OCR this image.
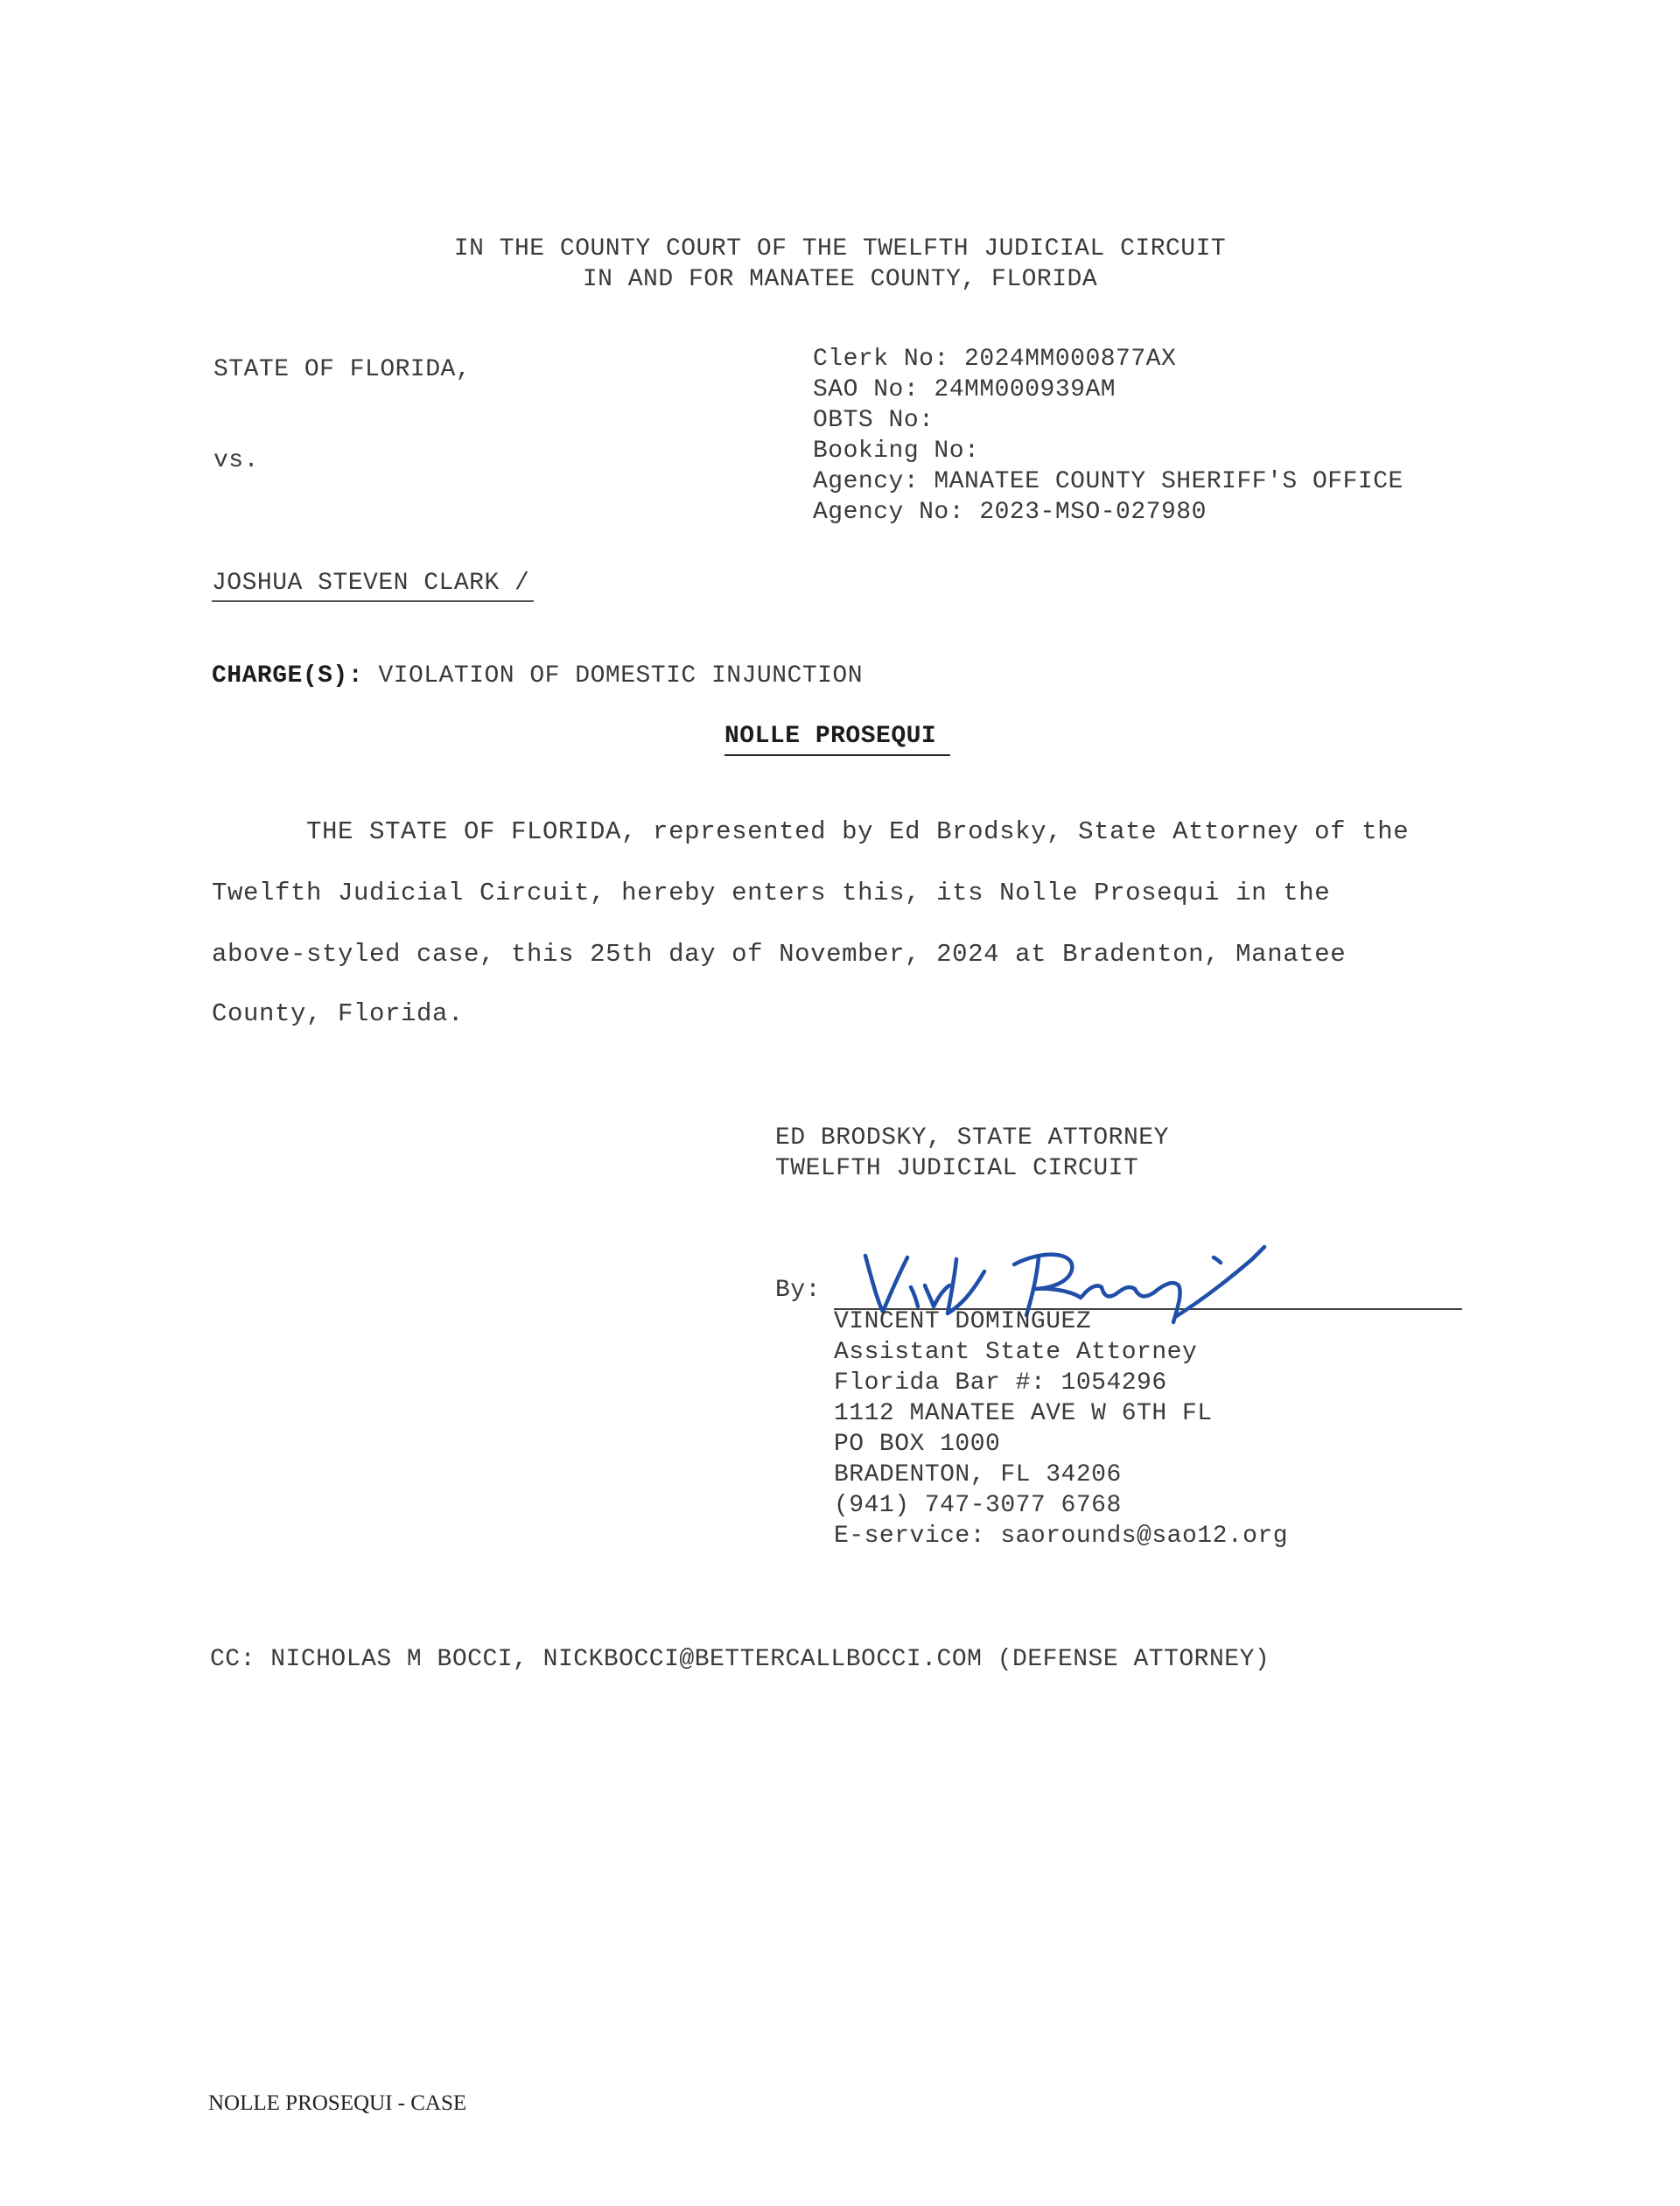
IN THE COUNTY COURT OF THE TWELFTH JUDICIAL CIRCUIT
IN AND FOR MANATEE COUNTY, FLORIDA
STATE OF FLORIDA,
vs.
JOSHUA STEVEN CLARK /
Clerk No: 2024MM000877AX
SAO No: 24MM000939AM
OBTS No:
Booking No:
Agency: MANATEE COUNTY SHERIFF'S OFFICE
Agency No: 2023-MSO-027980
CHARGE(S): VIOLATION OF DOMESTIC INJUNCTION
NOLLE PROSEQUI
THE STATE OF FLORIDA, represented by Ed Brodsky, State Attorney of the
Twelfth Judicial Circuit, hereby enters this, its Nolle Prosequi in the
above-styled case, this 25th day of November, 2024 at Bradenton, Manatee
County, Florida.
ED BRODSKY, STATE ATTORNEY
TWELFTH JUDICIAL CIRCUIT
By:
VINCENT DOMINGUEZ
Assistant State Attorney
Florida Bar #: 1054296
1112 MANATEE AVE W 6TH FL
PO BOX 1000
BRADENTON, FL 34206
(941) 747-3077 6768
E-service: saorounds@sao12.org
CC: NICHOLAS M BOCCI, NICKBOCCI@BETTERCALLBOCCI.COM (DEFENSE ATTORNEY)
NOLLE PROSEQUI - CASE
